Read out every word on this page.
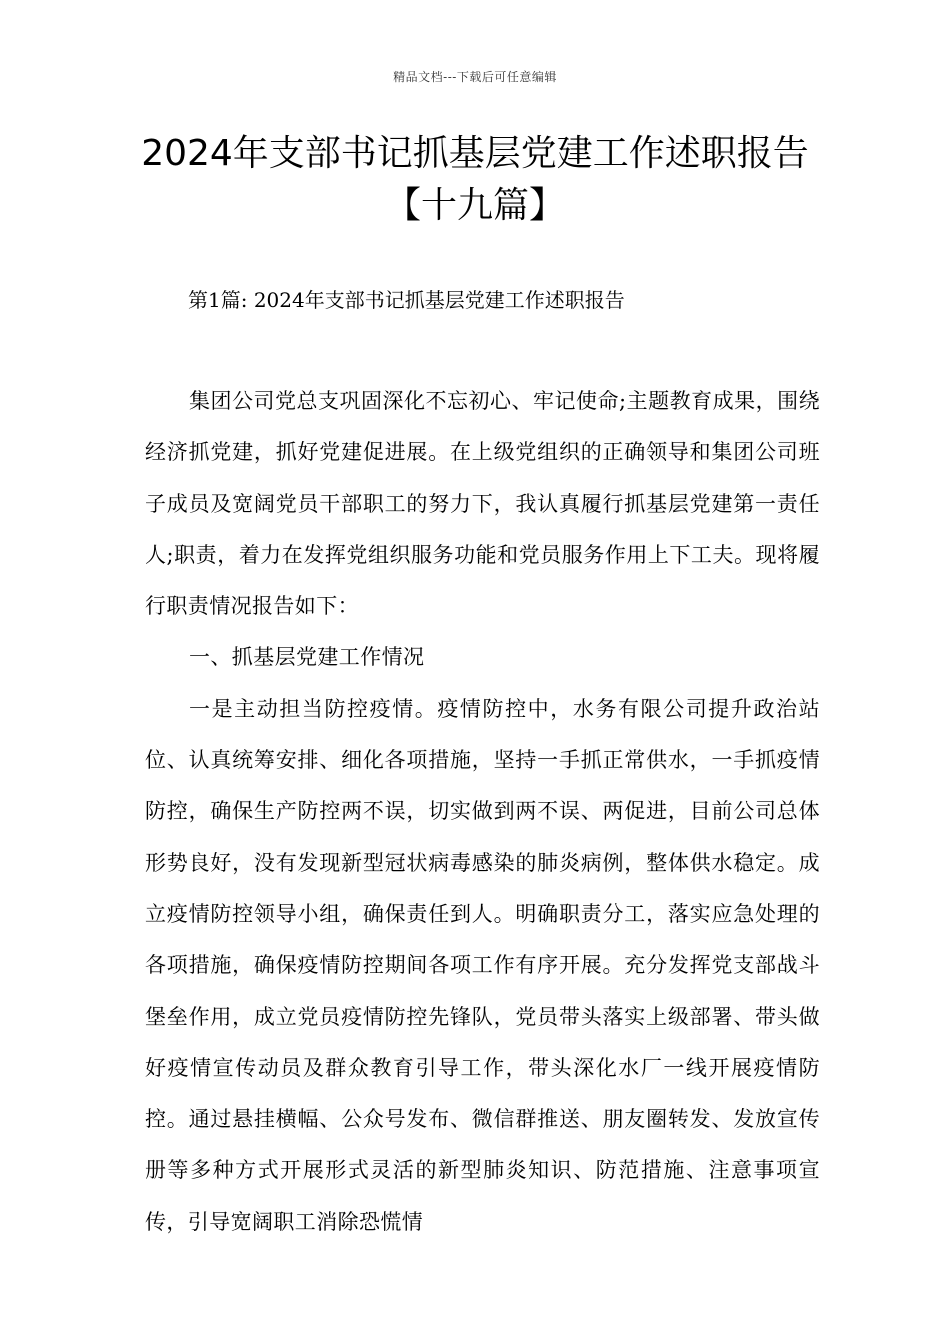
精品文档---下载后可任意编辑
2024年支部书记抓基层党建工作述职报告【十九篇】
第1篇: 2024年支部书记抓基层党建工作述职报告

集团公司党总支巩固深化不忘初心、牢记使命;主题教育成果，围绕经济抓党建，抓好党建促进展。在上级党组织的正确领导和集团公司班子成员及宽阔党员干部职工的努力下，我认真履行抓基层党建第一责任人;职责，着力在发挥党组织服务功能和党员服务作用上下工夫。现将履行职责情况报告如下：

一、抓基层党建工作情况

一是主动担当防控疫情。疫情防控中，水务有限公司提升政治站位、认真统筹安排、细化各项措施，坚持一手抓正常供水，一手抓疫情防控，确保生产防控两不误，切实做到两不误、两促进，目前公司总体形势良好，没有发现新型冠状病毒感染的肺炎病例，整体供水稳定。成立疫情防控领导小组，确保责任到人。明确职责分工，落实应急处理的各项措施，确保疫情防控期间各项工作有序开展。充分发挥党支部战斗堡垒作用，成立党员疫情防控先锋队，党员带头落实上级部署、带头做好疫情宣传动员及群众教育引导工作，带头深化水厂一线开展疫情防控。通过悬挂横幅、公众号发布、微信群推送、朋友圈转发、发放宣传册等多种方式开展形式灵活的新型肺炎知识、防范措施、注意事项宣传，引导宽阔职工消除恐慌情
